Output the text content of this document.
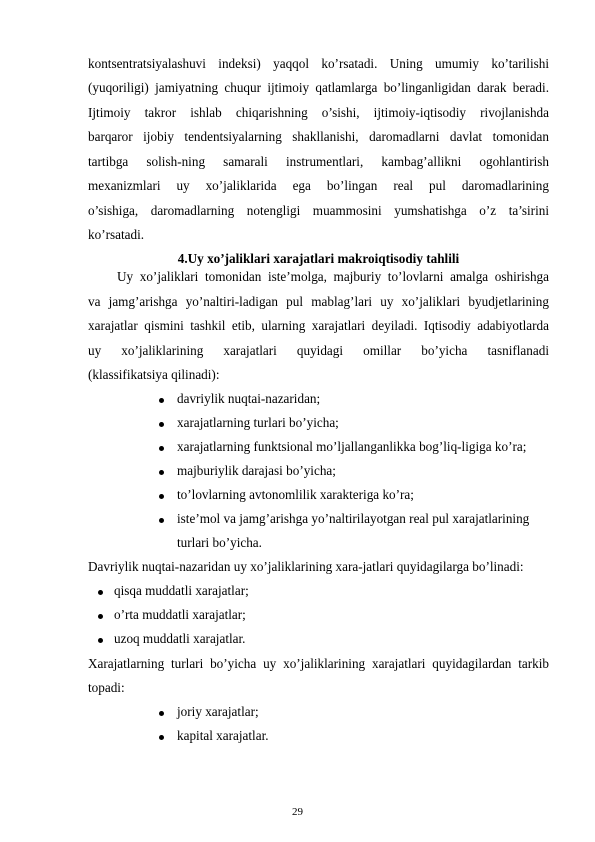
kontsentratsiyalashuvi indeksi) yaqqol ko’rsatadi. Uning umumiy ko’tarilishi
(yuqoriligi) jamiyatning chuqur ijtimoiy qatlamlarga bo’linganligidan darak beradi.
Ijtimoiy takror ishlab chiqarishning o’sishi, ijtimoiy-iqtisodiy rivojlanishda
barqaror ijobiy tendentsiyalarning shakllanishi, daromadlarni davlat tomonidan
tartibga solish-ning samarali instrumentlari, kambag’allikni ogohlantirish
mexanizmlari uy xo’jaliklarida ega bo’lingan real pul daromadlarining
o’sishiga, daromadlarning notengligi muammosini yumshatishga o’z ta’sirini
ko’rsatadi.
4.Uy xo’jaliklari xarajatlari makroiqtisodiy tahlili
Uy xo’jaliklari tomonidan iste’molga, majburiy to’lovlarni amalga oshirishga
va jamg’arishga yo’naltiri-ladigan pul mablag’lari uy xo’jaliklari byudjetlarining
xarajatlar qismini tashkil etib, ularning xarajatlari deyiladi. Iqtisodiy adabiyotlarda
uy xo’jaliklarining xarajatlari quyidagi omillar bo’yicha tasniflanadi
(klassifikatsiya qilinadi):
davriylik nuqtai-nazaridan;
xarajatlarning turlari bo’yicha;
xarajatlarning funktsional mo’ljallanganlikka bog’liq-ligiga ko’ra;
majburiylik darajasi bo’yicha;
to’lovlarning avtonomlilik xarakteriga ko’ra;
iste’mol va jamg’arishga yo’naltirilayotgan real pul xarajatlarining
turlari bo’yicha.
Davriylik nuqtai-nazaridan uy xo’jaliklarining xara-jatlari quyidagilarga bo’linadi:
qisqa muddatli xarajatlar;
o’rta muddatli xarajatlar;
uzoq muddatli xarajatlar.
Xarajatlarning turlari bo’yicha uy xo’jaliklarining xarajatlari quyidagilardan tarkib
topadi:
joriy xarajatlar;
kapital xarajatlar.
29
